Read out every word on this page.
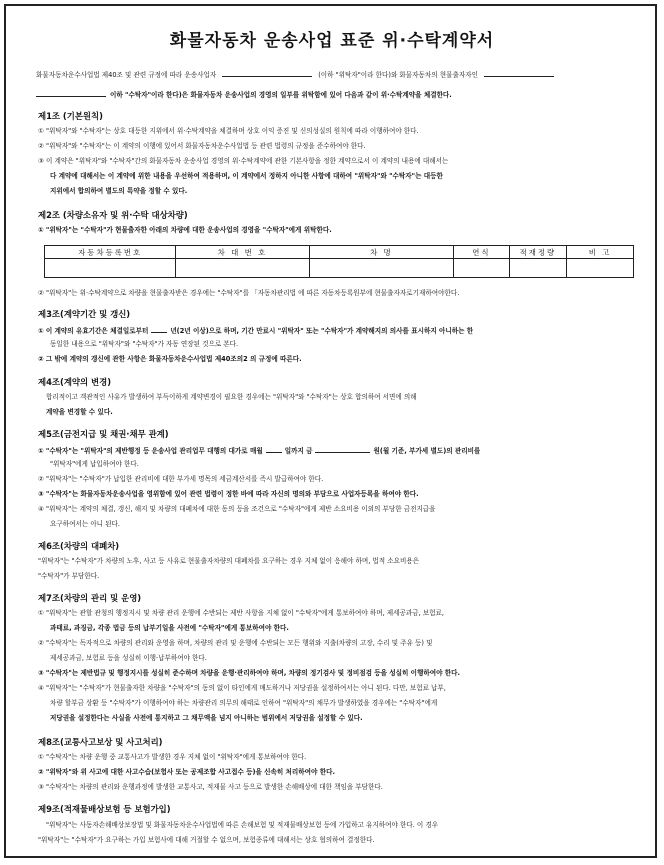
화물자동차 운송사업 표준 위·수탁계약서
화물자동차운수사업법 제40조 및 관련 규정에 따라 운송사업자	(이하 "위탁자"이라 한다)와 화물자동차의 현물출자자인
이하 "수탁자"이라 한다)은 화물자동차 운송사업의 경영의 일부를 위탁함에 있어 다음과 같이 위·수탁계약을 체결한다.
제1조 (기본원칙)
① "위탁자"와 "수탁자"는 상호 대등한 지위에서 위·수탁계약을 체결하며 상호 이익 증진 및 신의성실의 원칙에 따라 이행하여야 한다.
② "위탁자"와 "수탁자"는 이 계약의 이행에 있어서 화물자동차운수사업법 등 관련 법령의 규정을 준수하여야 한다.
③ 이 계약은 "위탁자"와 "수탁자"간의 화물자동차 운송사업 경영의 위·수탁계약에 관한 기본사항을 정한 계약으로서 이 계약의 내용에 대해서는
다 계약에 대해서는 이 계약에 위한 내용을 우선하여 적용하며, 이 계약에서 정하지 아니한 사항에 대하여 "위탁자"와 "수탁자"는 대등한
지위에서 합의하여 별도의 특약을 정할 수 있다.
제2조 (차량소유자 및 위·수탁 대상차량)
① "위탁자"는 "수탁자"가 현물출자한 아래의 차량에 대한 운송사업의 경영을 "수탁자"에게 위탁한다.
자동차등록번호	차 대 번 호	차 명	연식	적재정량	비 고

② "위탁자"는 위·수탁계약으로 차량을 현물출자받은 경우에는 "수탁자"를 「자동차관리법 에 따른 자동차등록원부에 현물출자자로기재하여야한다.
제3조(계약기간 및 갱신)
① 이 계약의 유효기간은 체결일로부터	년(2년 이상)으로 하며, 기간 만료시 "위탁자" 또는 "수탁자"가 계약해지의 의사를 표시하지 아니하는 한
동일한 내용으로 "위탁자"와 "수탁자"가 자동 연장된 것으로 본다.
② 그 밖에 계약의 갱신에 관한 사항은 화물자동차운수사업법 제40조의2 의 규정에 따른다.
제4조(계약의 변경)
합리적이고 객관적인 사유가 발생하여 부득이하게 계약변경이 필요한 경우에는 "위탁자"와 "수탁자"는 상호 합의하여 서면에 의해
계약을 변경할 수 있다.
제5조(금전지급 및 채권·채무 관계)
① "수탁자"는 "위탁자"의 제반행정 등 운송사업 관리업무 대행의 대가로 매월	일까지 금	원(월 기준, 부가세 별도)의 관리비를
"위탁자"에게 납입하여야 한다.
② "위탁자"는 "수탁자"가 납입한 관리비에 대한 부가세 명목의 세금계산서를 즉시 발급하여야 한다.
③ "수탁자"는 화물자동차운송사업을 영위함에 있어 관련 법령이 정한 바에 따라 자신의 명의와 부담으로 사업자등록을 하여야 한다.
④ "위탁자"는 계약의 체결, 갱신, 해지 및 차량의 대폐차에 대한 동의 등을 조건으로 "수탁자"에게 제반 소요비용 이외의 부당한 금전지급을
요구하여서는 아니 된다.
제6조(차량의 대폐차)
"위탁자"는 "수탁자"가 차량의 노후, 사고 등 사유로 현물출자차량의 대폐차를 요구하는 경우 지체 없이 응해야 하며, 법적 소요비용은
"수탁자"가 부담한다.
제7조(차량의 관리 및 운영)
① "위탁자"는 관할 관청의 행정지시 및 차량 관리 운행에 수반되는 제반 사항을 지체 없이 "수탁자"에게 통보하여야 하며, 제세공과금, 보험료,
과태료, 과징금, 각종 법금 등의 납부기일을 사전에 "수탁자"에게 통보하여야 한다.
② "수탁자"는 독자적으로 차량의 관리와 운영을 하며, 차량의 관리 및 운행에 수반되는 모든 행위와 지출(차량의 고장, 수리 및 주유 등) 및
제세공과금, 보험료 등을 성실히 이행·납부하여야 한다.
③ "수탁자"는 제반법규 및 행정지시를 성실히 준수하며 차량을 운행·관리하여야 하며, 차량의 정기검사 및 정비점검 등을 성실히 이행하여야 한다.
④ "위탁자"는 "수탁자"가 현물출자한 차량을 "수탁자"의 동의 없이 타인에게 매도하거나 저당권을 설정하여서는 아니 된다. 다만, 보험료 납부,
차량 할부금 상환 등 "수탁자"가 이행하여야 하는 차량관리 의무의 해태로 인하여 "위탁자"의 채무가 발생하였을 경우에는 "수탁자"에게
저당권을 설정한다는 사실을 사전에 통지하고 그 채무액을 넘지 아니하는 범위에서 저당권을 설정할 수 있다.
제8조(교통사고보상 및 사고처리)
① "수탁자"는 차량 운행 중 교통사고가 발생한 경우 지체 없이 "위탁자"에게 통보하여야 한다.
② "위탁자"와 위 사고에 대한 사고수습(보험사 또는 공제조합 사고접수 등)을 신속히 처리하여야 한다.
③ "수탁자"는 차량의 관리와 운행과정에 발생한 교통사고, 적재물 사고 등으로 발생한 손해배상에 대한 책임을 부담한다.
제9조(적재물배상보험 등 보험가입)
"위탁자"는 사동자손해배상보장법 및 화물자동차운수사업법에 따른 손해보험 및 적재물배상보험 등에 가입하고 유지하여야 한다. 이 경우
"위탁자"는 "수탁자"가 요구하는 가입 보험사에 대해 거절할 수 없으며, 보험종류에 대해서는 상호 협의하여 결정한다.
